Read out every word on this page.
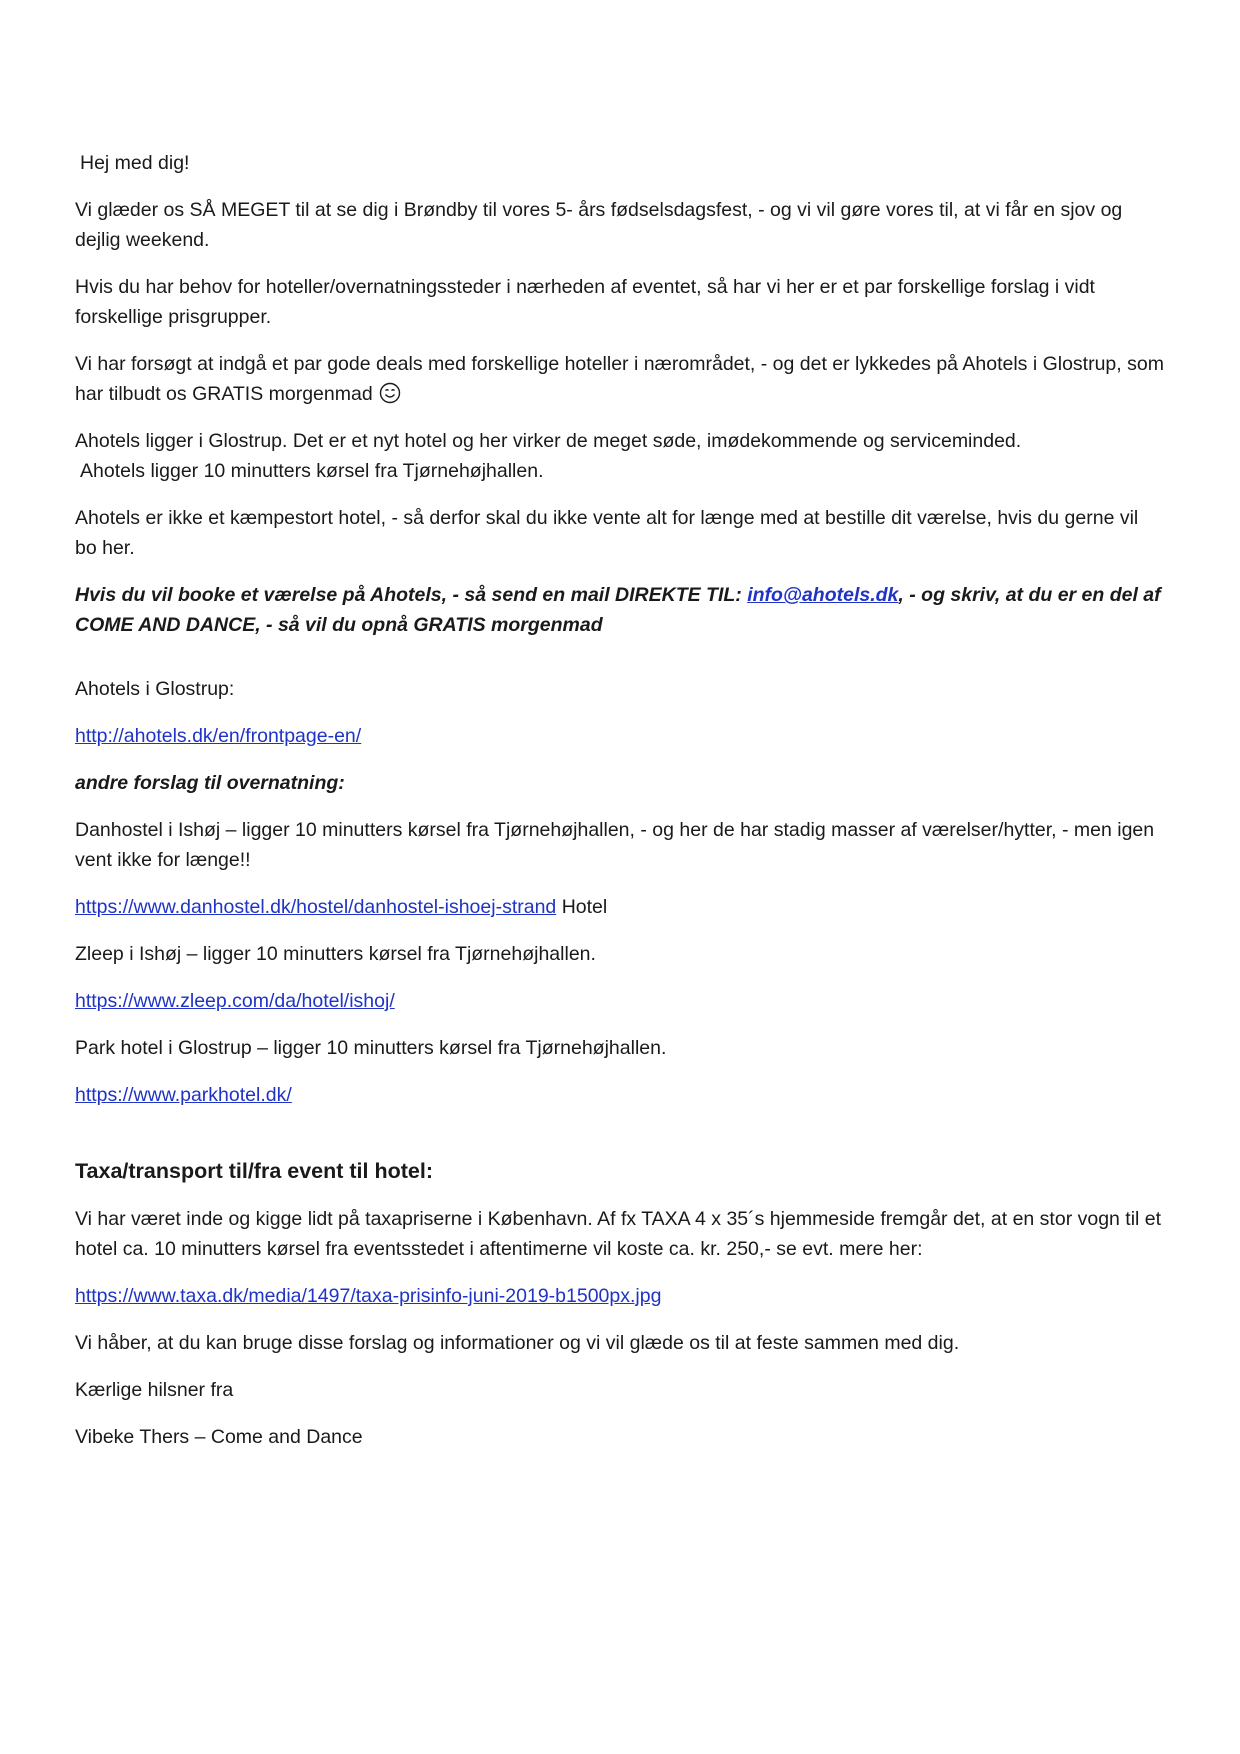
Hej med dig!

Vi glæder os SÅ MEGET til at se dig i Brøndby til vores 5- års fødselsdagsfest, - og vi vil gøre vores til, at vi får en sjov og dejlig weekend.

Hvis du har behov for hoteller/overnatningssteder i nærheden af eventet, så har vi her er et par forskellige forslag i vidt forskellige prisgrupper.

Vi har forsøgt at indgå et par gode deals med forskellige hoteller i nærområdet, - og det er lykkedes på Ahotels i Glostrup, som har tilbudt os GRATIS morgenmad

Ahotels ligger i Glostrup. Det er et nyt hotel og her virker de meget søde, imødekommende og serviceminded.
Ahotels ligger 10 minutters kørsel fra Tjørnehøjhallen.

Ahotels er ikke et kæmpestort hotel, - så derfor skal du ikke vente alt for længe med at bestille dit værelse, hvis du gerne vil bo her.

Hvis du vil booke et værelse på Ahotels, - så send en mail DIREKTE TIL: info@ahotels.dk, - og skriv, at du er en del af COME AND DANCE, - så vil du opnå GRATIS morgenmad

Ahotels i Glostrup:

http://ahotels.dk/en/frontpage-en/

andre forslag til overnatning:

Danhostel i Ishøj – ligger 10 minutters kørsel fra Tjørnehøjhallen, - og her de har stadig masser af værelser/hytter, - men igen vent ikke for længe!!

https://www.danhostel.dk/hostel/danhostel-ishoej-strand Hotel

Zleep i Ishøj – ligger 10 minutters kørsel fra Tjørnehøjhallen.

https://www.zleep.com/da/hotel/ishoj/

Park hotel i Glostrup – ligger 10 minutters kørsel fra Tjørnehøjhallen.

https://www.parkhotel.dk/

Taxa/transport til/fra event til hotel:

Vi har været inde og kigge lidt på taxapriserne i København. Af fx TAXA 4 x 35´s hjemmeside fremgår det, at en stor vogn til et hotel ca. 10 minutters kørsel fra eventsstedet i aftentimerne vil koste ca. kr. 250,- se evt. mere her:

https://www.taxa.dk/media/1497/taxa-prisinfo-juni-2019-b1500px.jpg

Vi håber, at du kan bruge disse forslag og informationer og vi vil glæde os til at feste sammen med dig.

Kærlige hilsner fra

Vibeke Thers – Come and Dance
